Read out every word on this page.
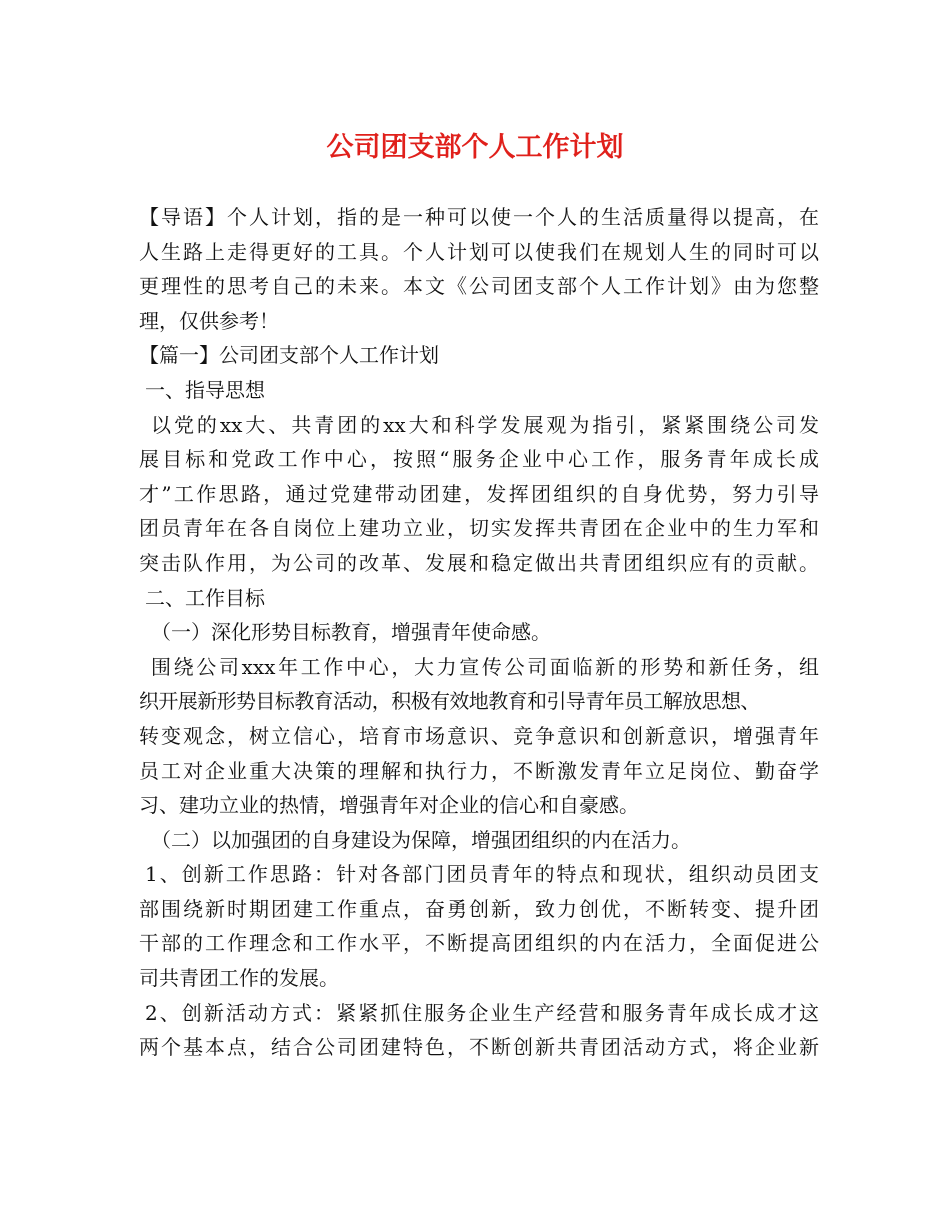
公司团支部个人工作计划
【导语】个人计划，指的是一种可以使一个人的生活质量得以提高，在
人生路上走得更好的工具。个人计划可以使我们在规划人生的同时可以
更理性的思考自己的未来。本文《公司团支部个人工作计划》由为您整
理，仅供参考！
【篇一】公司团支部个人工作计划
一、指导思想
以党的xx大、共青团的xx大和科学发展观为指引，紧紧围绕公司发
展目标和党政工作中心，按照“服务企业中心工作，服务青年成长成
才”工作思路，通过党建带动团建，发挥团组织的自身优势，努力引导
团员青年在各自岗位上建功立业，切实发挥共青团在企业中的生力军和
突击队作用，为公司的改革、发展和稳定做出共青团组织应有的贡献。
二、工作目标
（一）深化形势目标教育，增强青年使命感。
围绕公司xxx年工作中心，大力宣传公司面临新的形势和新任务，组
织开展新形势目标教育活动，积极有效地教育和引导青年员工解放思想、
转变观念，树立信心，培育市场意识、竞争意识和创新意识，增强青年
员工对企业重大决策的理解和执行力，不断激发青年立足岗位、勤奋学
习、建功立业的热情，增强青年对企业的信心和自豪感。
（二）以加强团的自身建设为保障，增强团组织的内在活力。
1、创新工作思路：针对各部门团员青年的特点和现状，组织动员团支
部围绕新时期团建工作重点，奋勇创新，致力创优，不断转变、提升团
干部的工作理念和工作水平，不断提高团组织的内在活力，全面促进公
司共青团工作的发展。
2、创新活动方式：紧紧抓住服务企业生产经营和服务青年成长成才这
两个基本点，结合公司团建特色，不断创新共青团活动方式，将企业新
